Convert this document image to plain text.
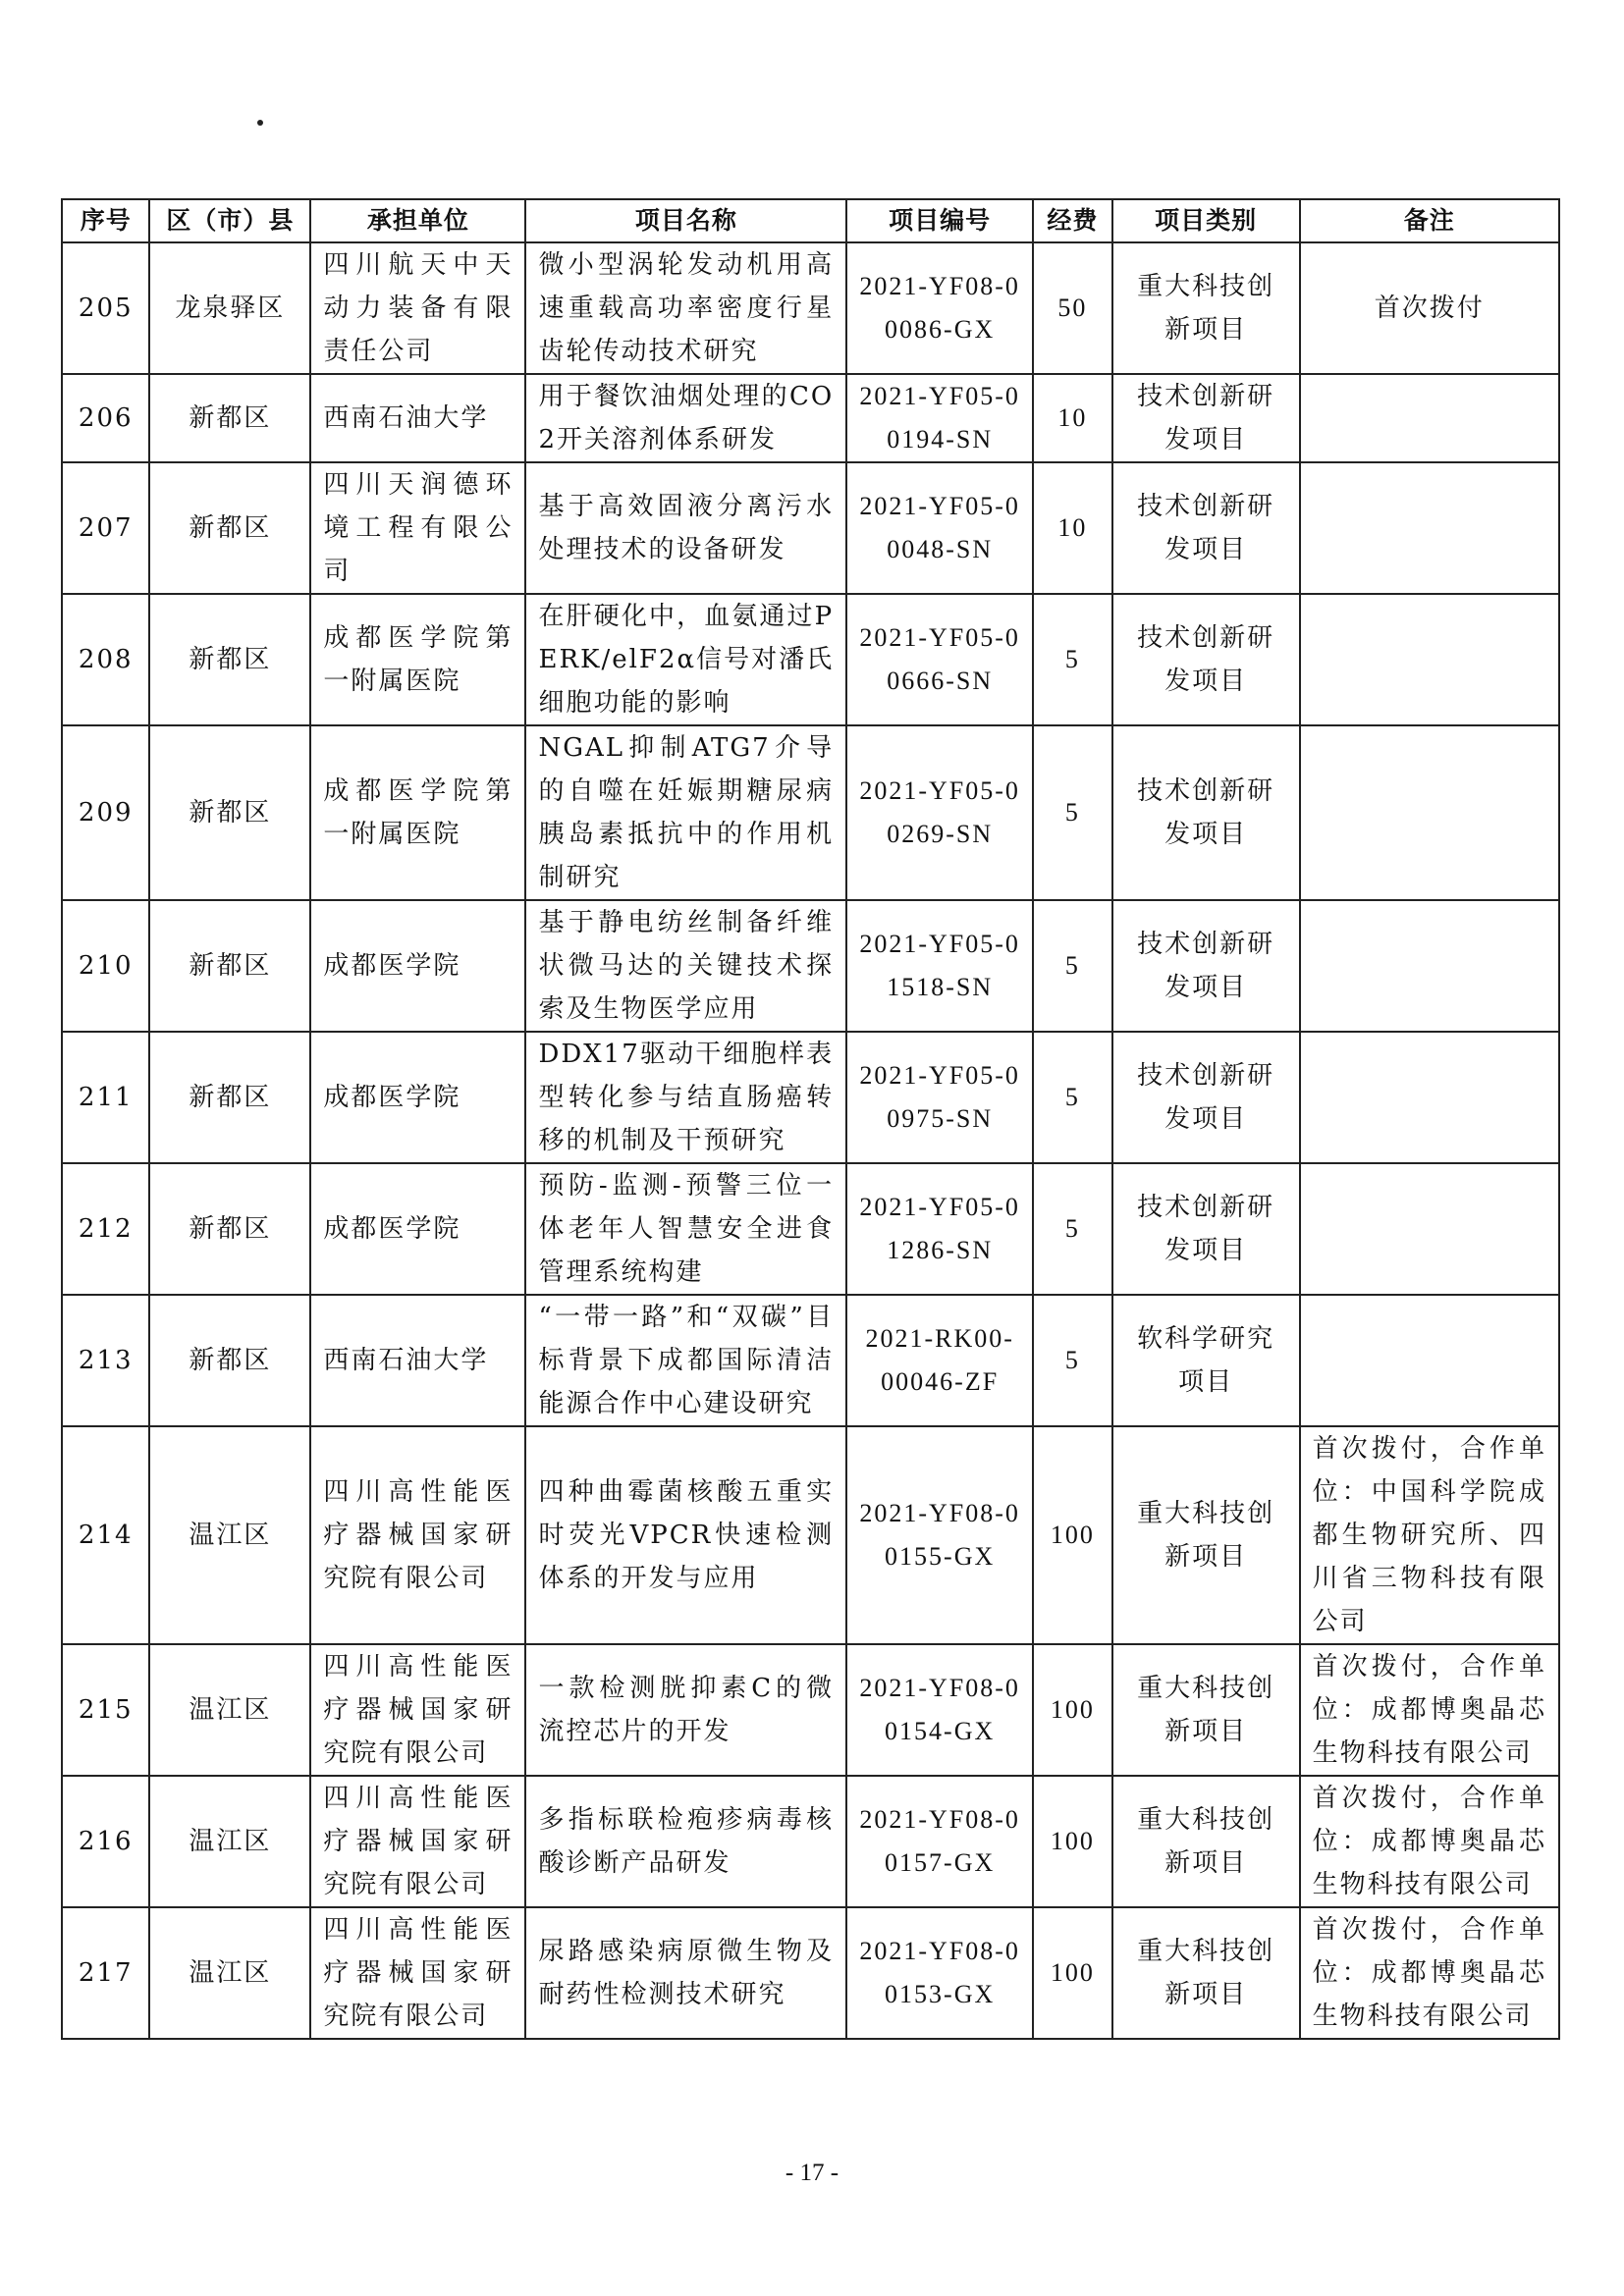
序号	区（市）县	承担单位	项目名称	项目编号	经费	项目类别	备注
205	龙泉驿区	四川航天中天动力装备有限责任公司	微小型涡轮发动机用高速重载高功率密度行星齿轮传动技术研究	2021-YF08-00086-GX	50	重大科技创新项目	首次拨付
206	新都区	西南石油大学	用于餐饮油烟处理的CO2开关溶剂体系研发	2021-YF05-00194-SN	10	技术创新研发项目	
207	新都区	四川天润德环境工程有限公司	基于高效固液分离污水处理技术的设备研发	2021-YF05-00048-SN	10	技术创新研发项目	
208	新都区	成都医学院第一附属医院	在肝硬化中，血氨通过PERK/elF2α信号对潘氏细胞功能的影响	2021-YF05-00666-SN	5	技术创新研发项目	
209	新都区	成都医学院第一附属医院	NGAL抑制ATG7介导的自噬在妊娠期糖尿病胰岛素抵抗中的作用机制研究	2021-YF05-00269-SN	5	技术创新研发项目	
210	新都区	成都医学院	基于静电纺丝制备纤维状微马达的关键技术探索及生物医学应用	2021-YF05-01518-SN	5	技术创新研发项目	
211	新都区	成都医学院	DDX17驱动干细胞样表型转化参与结直肠癌转移的机制及干预研究	2021-YF05-00975-SN	5	技术创新研发项目	
212	新都区	成都医学院	预防-监测-预警三位一体老年人智慧安全进食管理系统构建	2021-YF05-01286-SN	5	技术创新研发项目	
213	新都区	西南石油大学	“一带一路”和“双碳”目标背景下成都国际清洁能源合作中心建设研究	2021-RK00-00046-ZF	5	软科学研究项目	
214	温江区	四川高性能医疗器械国家研究院有限公司	四种曲霉菌核酸五重实时荧光VPCR快速检测体系的开发与应用	2021-YF08-00155-GX	100	重大科技创新项目	首次拨付，合作单位：中国科学院成都生物研究所、四川省三物科技有限公司
215	温江区	四川高性能医疗器械国家研究院有限公司	一款检测胱抑素C的微流控芯片的开发	2021-YF08-00154-GX	100	重大科技创新项目	首次拨付，合作单位：成都博奥晶芯生物科技有限公司
216	温江区	四川高性能医疗器械国家研究院有限公司	多指标联检疱疹病毒核酸诊断产品研发	2021-YF08-00157-GX	100	重大科技创新项目	首次拨付，合作单位：成都博奥晶芯生物科技有限公司
217	温江区	四川高性能医疗器械国家研究院有限公司	尿路感染病原微生物及耐药性检测技术研究	2021-YF08-00153-GX	100	重大科技创新项目	首次拨付，合作单位：成都博奥晶芯生物科技有限公司
- 17 -
